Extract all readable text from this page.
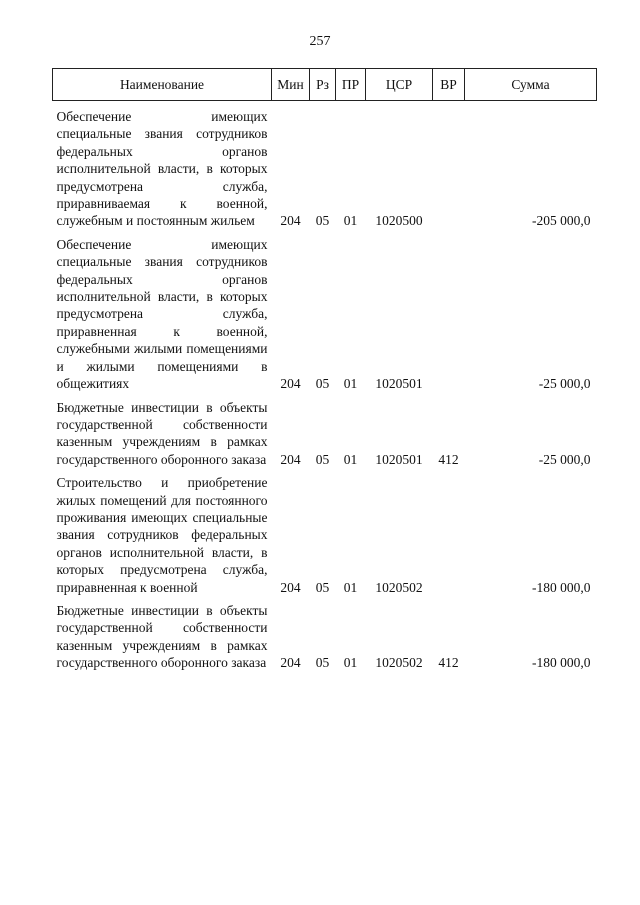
257
Наименование	Мин	Рз	ПР	ЦСР	ВР	Сумма

Обеспечение имеющих специальные звания сотрудников федеральных органов исполнительной власти, в которых предусмотрена служба, приравниваемая к военной, служебным и постоянным жильем	204	05	01	1020500		-205 000,0

Обеспечение имеющих специальные звания сотрудников федеральных органов исполнительной власти, в которых предусмотрена служба, приравненная к военной, служебными жилыми помещениями и жилыми помещениями в общежитиях	204	05	01	1020501		-25 000,0

Бюджетные инвестиции в объекты государственной собственности казенным учреждениям в рамках государственного оборонного заказа	204	05	01	1020501	412	-25 000,0

Строительство и приобретение жилых помещений для постоянного проживания имеющих специальные звания сотрудников федеральных органов исполнительной власти, в которых предусмотрена служба, приравненная к военной	204	05	01	1020502		-180 000,0

Бюджетные инвестиции в объекты государственной собственности казенным учреждениям в рамках государственного оборонного заказа	204	05	01	1020502	412	-180 000,0
